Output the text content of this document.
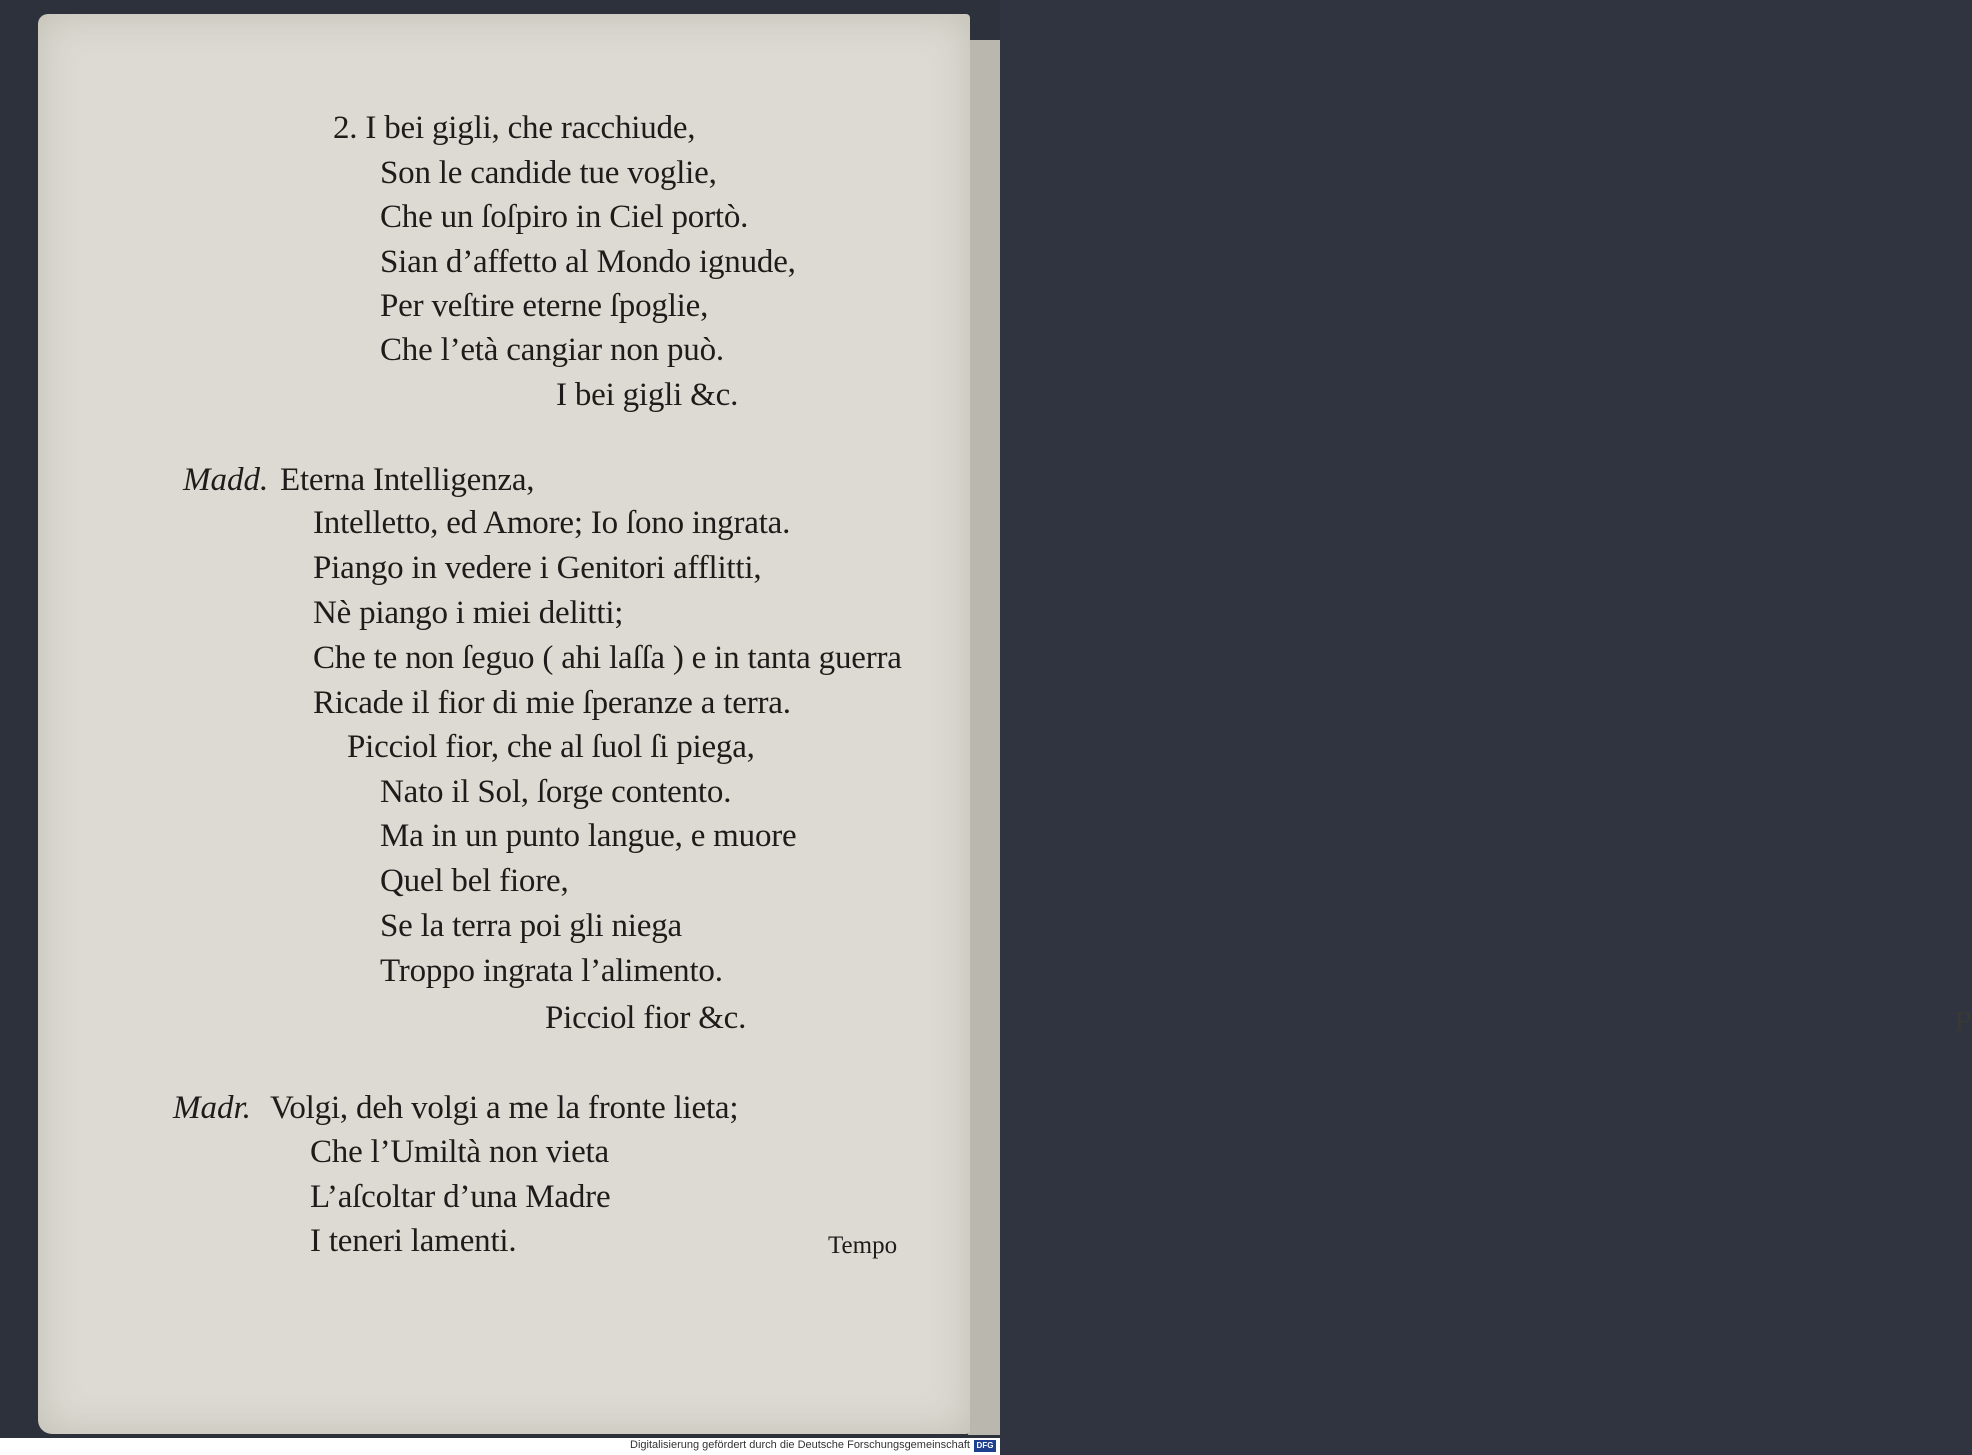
P

2. I bei gigli, che racchiude,
Son le candide tue voglie,
Che un ſoſpiro in Ciel portò.
Sian d’affetto al Mondo ignude,
Per veſtire eterne ſpoglie,
Che l’età cangiar non può.
I bei gigli &c.
Madd. Eterna Intelligenza,
Intelletto, ed Amore; Io ſono ingrata.
Piango in vedere i Genitori afflitti,
Nè piango i miei delitti;
Che te non ſeguo ( ahi laſſa ) e in tanta guerra
Ricade il fior di mie ſperanze a terra.
Picciol fior, che al ſuol ſi piega,
Nato il Sol, ſorge contento.
Ma in un punto langue, e muore
Quel bel fiore,
Se la terra poi gli niega
Troppo ingrata l’alimento.
Picciol fior &c.
Madr. Volgi, deh volgi a me la fronte lieta;
Che l’Umiltà non vieta
L’aſcoltar d’una Madre
I teneri lamenti.	Tempo
Digitalisierung gefördert durch die Deutsche Forschungsgemeinschaft DFG
